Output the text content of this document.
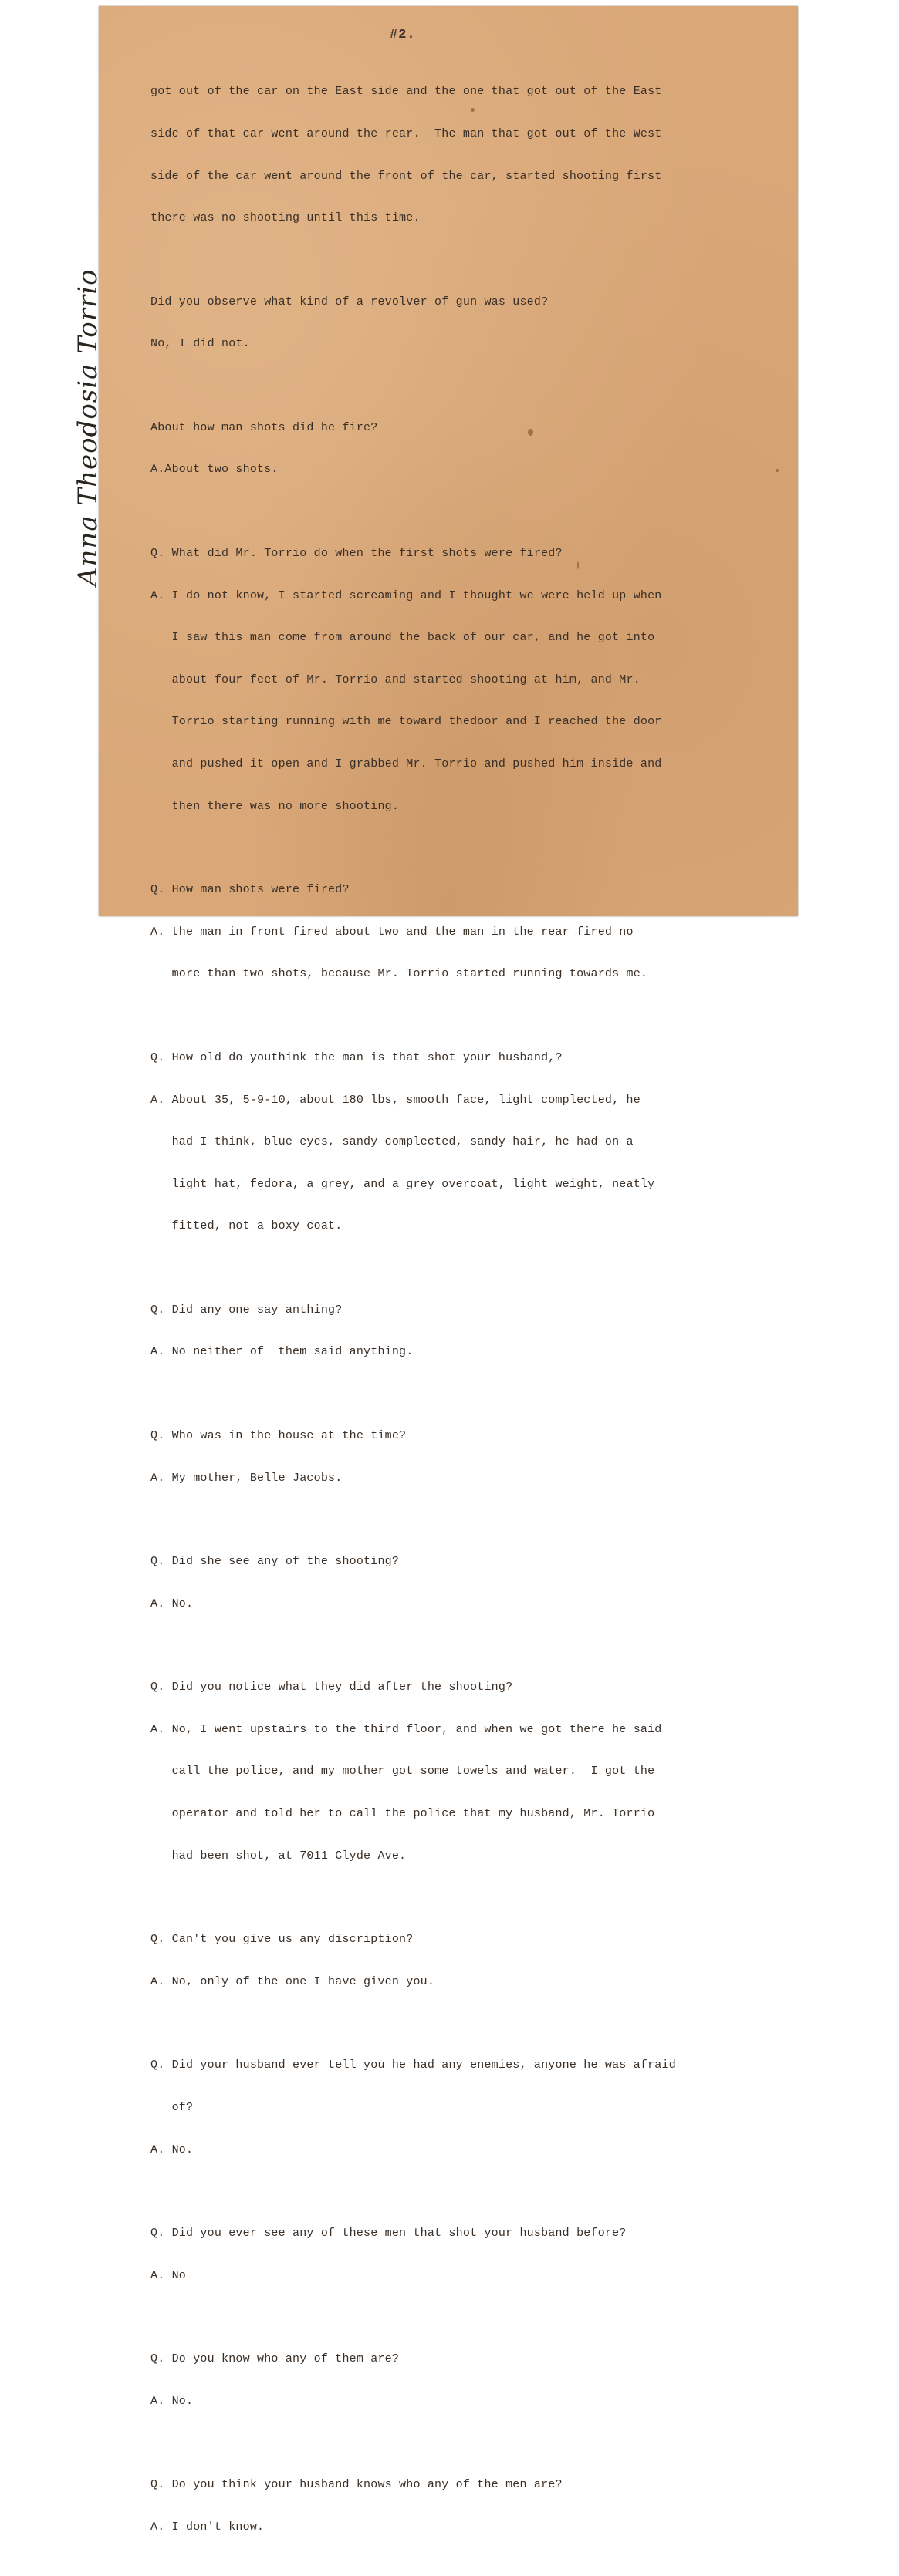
#2.
Anna Theodosia Torrio

got out of the car on the East side and the one that got out of the East

side of that car went around the rear.  The man that got out of the West

side of the car went around the front of the car, started shooting first

there was no shooting until this time.

Did you observe what kind of a revolver of gun was used?

No, I did not.

About how man shots did he fire?

A.About two shots.

Q. What did Mr. Torrio do when the first shots were fired?

A. I do not know, I started screaming and I thought we were held up when

I saw this man come from around the back of our car, and he got into

about four feet of Mr. Torrio and started shooting at him, and Mr.

Torrio starting running with me toward thedoor and I reached the door

and pushed it open and I grabbed Mr. Torrio and pushed him inside and

then there was no more shooting.

Q. How man shots were fired?

A. the man in front fired about two and the man in the rear fired no

more than two shots, because Mr. Torrio started running towards me.

Q. How old do youthink the man is that shot your husband,?

A. About 35, 5-9-10, about 180 lbs, smooth face, light complected, he

had I think, blue eyes, sandy complected, sandy hair, he had on a

light hat, fedora, a grey, and a grey overcoat, light weight, neatly

fitted, not a boxy coat.

Q. Did any one say anthing?

A. No neither of  them said anything.

Q. Who was in the house at the time?

A. My mother, Belle Jacobs.

Q. Did she see any of the shooting?

A. No.

Q. Did you notice what they did after the shooting?

A. No, I went upstairs to the third floor, and when we got there he said

call the police, and my mother got some towels and water.  I got the

operator and told her to call the police that my husband, Mr. Torrio

had been shot, at 7011 Clyde Ave.

Q. Can't you give us any discription?

A. No, only of the one I have given you.

Q. Did your husband ever tell you he had any enemies, anyone he was afraid

of?

A. No.

Q. Did you ever see any of these men that shot your husband before?

A. No

Q. Do you know who any of them are?

A. No.

Q. Do you think your husband knows who any of the men are?

A. I don't know.
